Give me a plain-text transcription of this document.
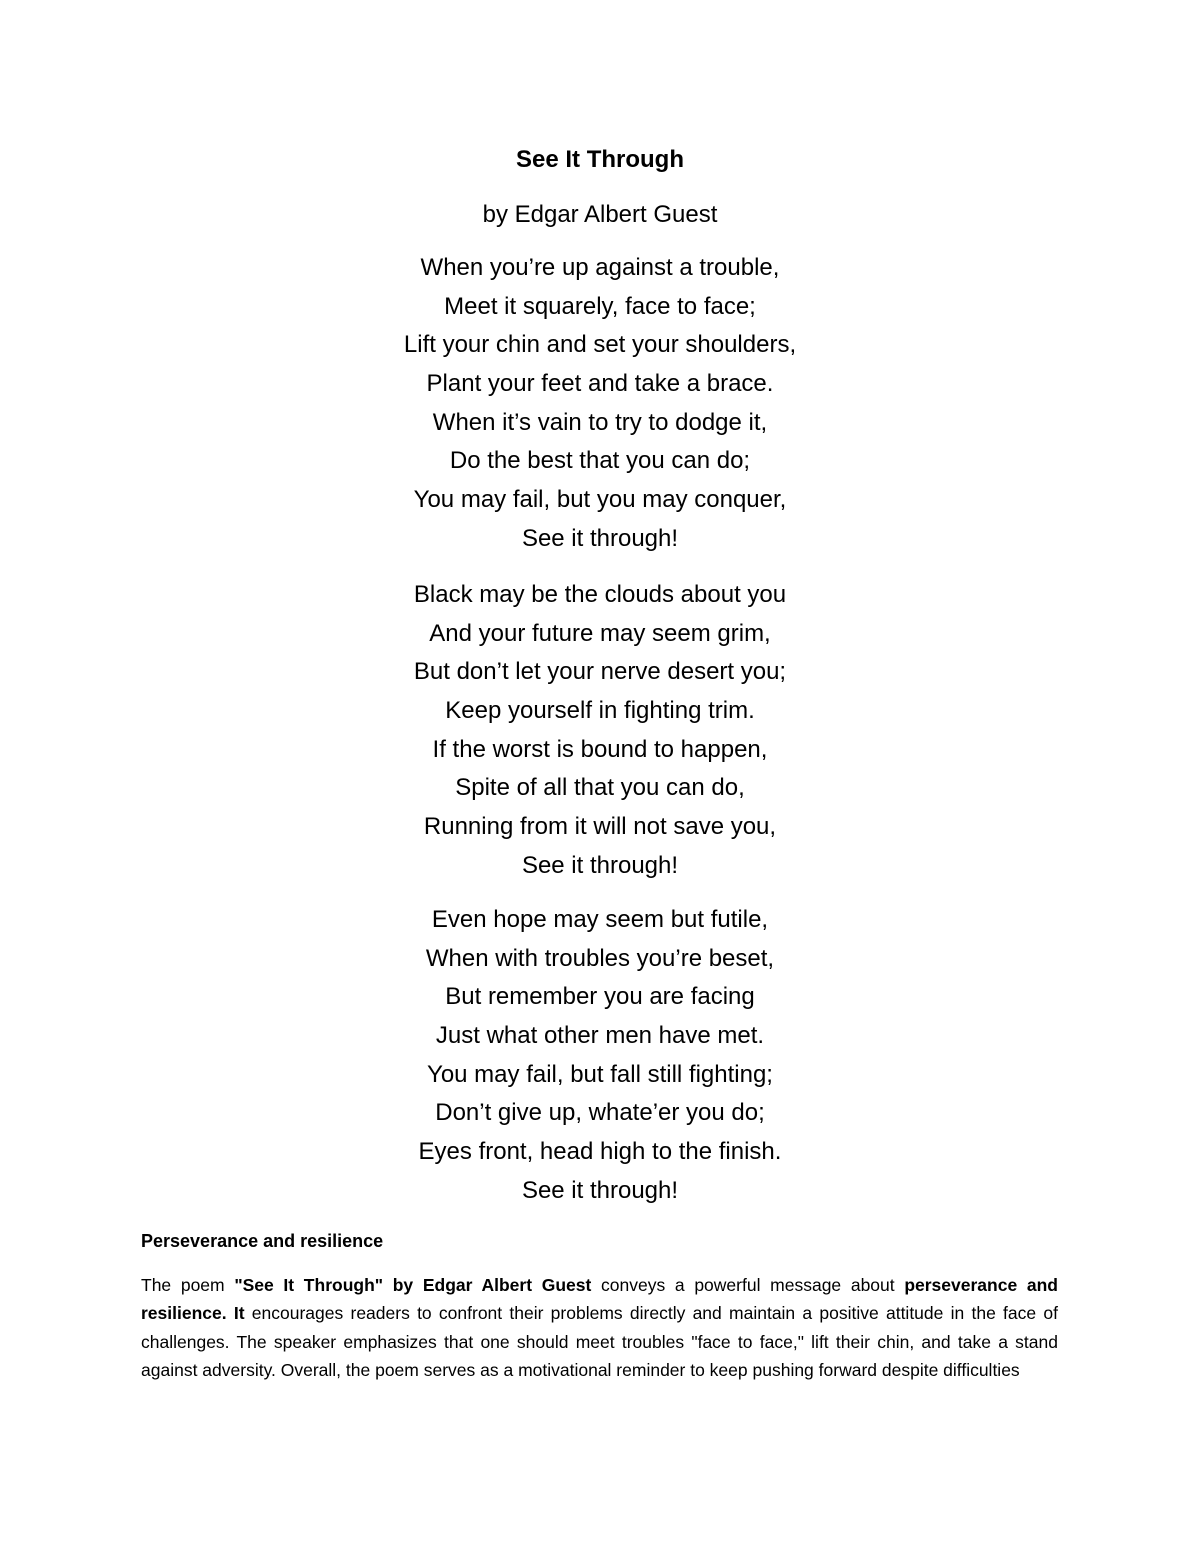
See It Through
by Edgar Albert Guest
When you’re up against a trouble,
Meet it squarely, face to face;
Lift your chin and set your shoulders,
Plant your feet and take a brace.
When it’s vain to try to dodge it,
Do the best that you can do;
You may fail, but you may conquer,
See it through!
Black may be the clouds about you
And your future may seem grim,
But don’t let your nerve desert you;
Keep yourself in fighting trim.
If the worst is bound to happen,
Spite of all that you can do,
Running from it will not save you,
See it through!
Even hope may seem but futile,
When with troubles you’re beset,
But remember you are facing
Just what other men have met.
You may fail, but fall still fighting;
Don’t give up, whate’er you do;
Eyes front, head high to the finish.
See it through!
Perseverance and resilience

The poem "See It Through" by Edgar Albert Guest conveys a powerful message about perseverance and resilience. It encourages readers to confront their problems directly and maintain a positive attitude in the face of challenges. The speaker emphasizes that one should meet troubles "face to face," lift their chin, and take a stand against adversity. Overall, the poem serves as a motivational reminder to keep pushing forward despite difficulties
